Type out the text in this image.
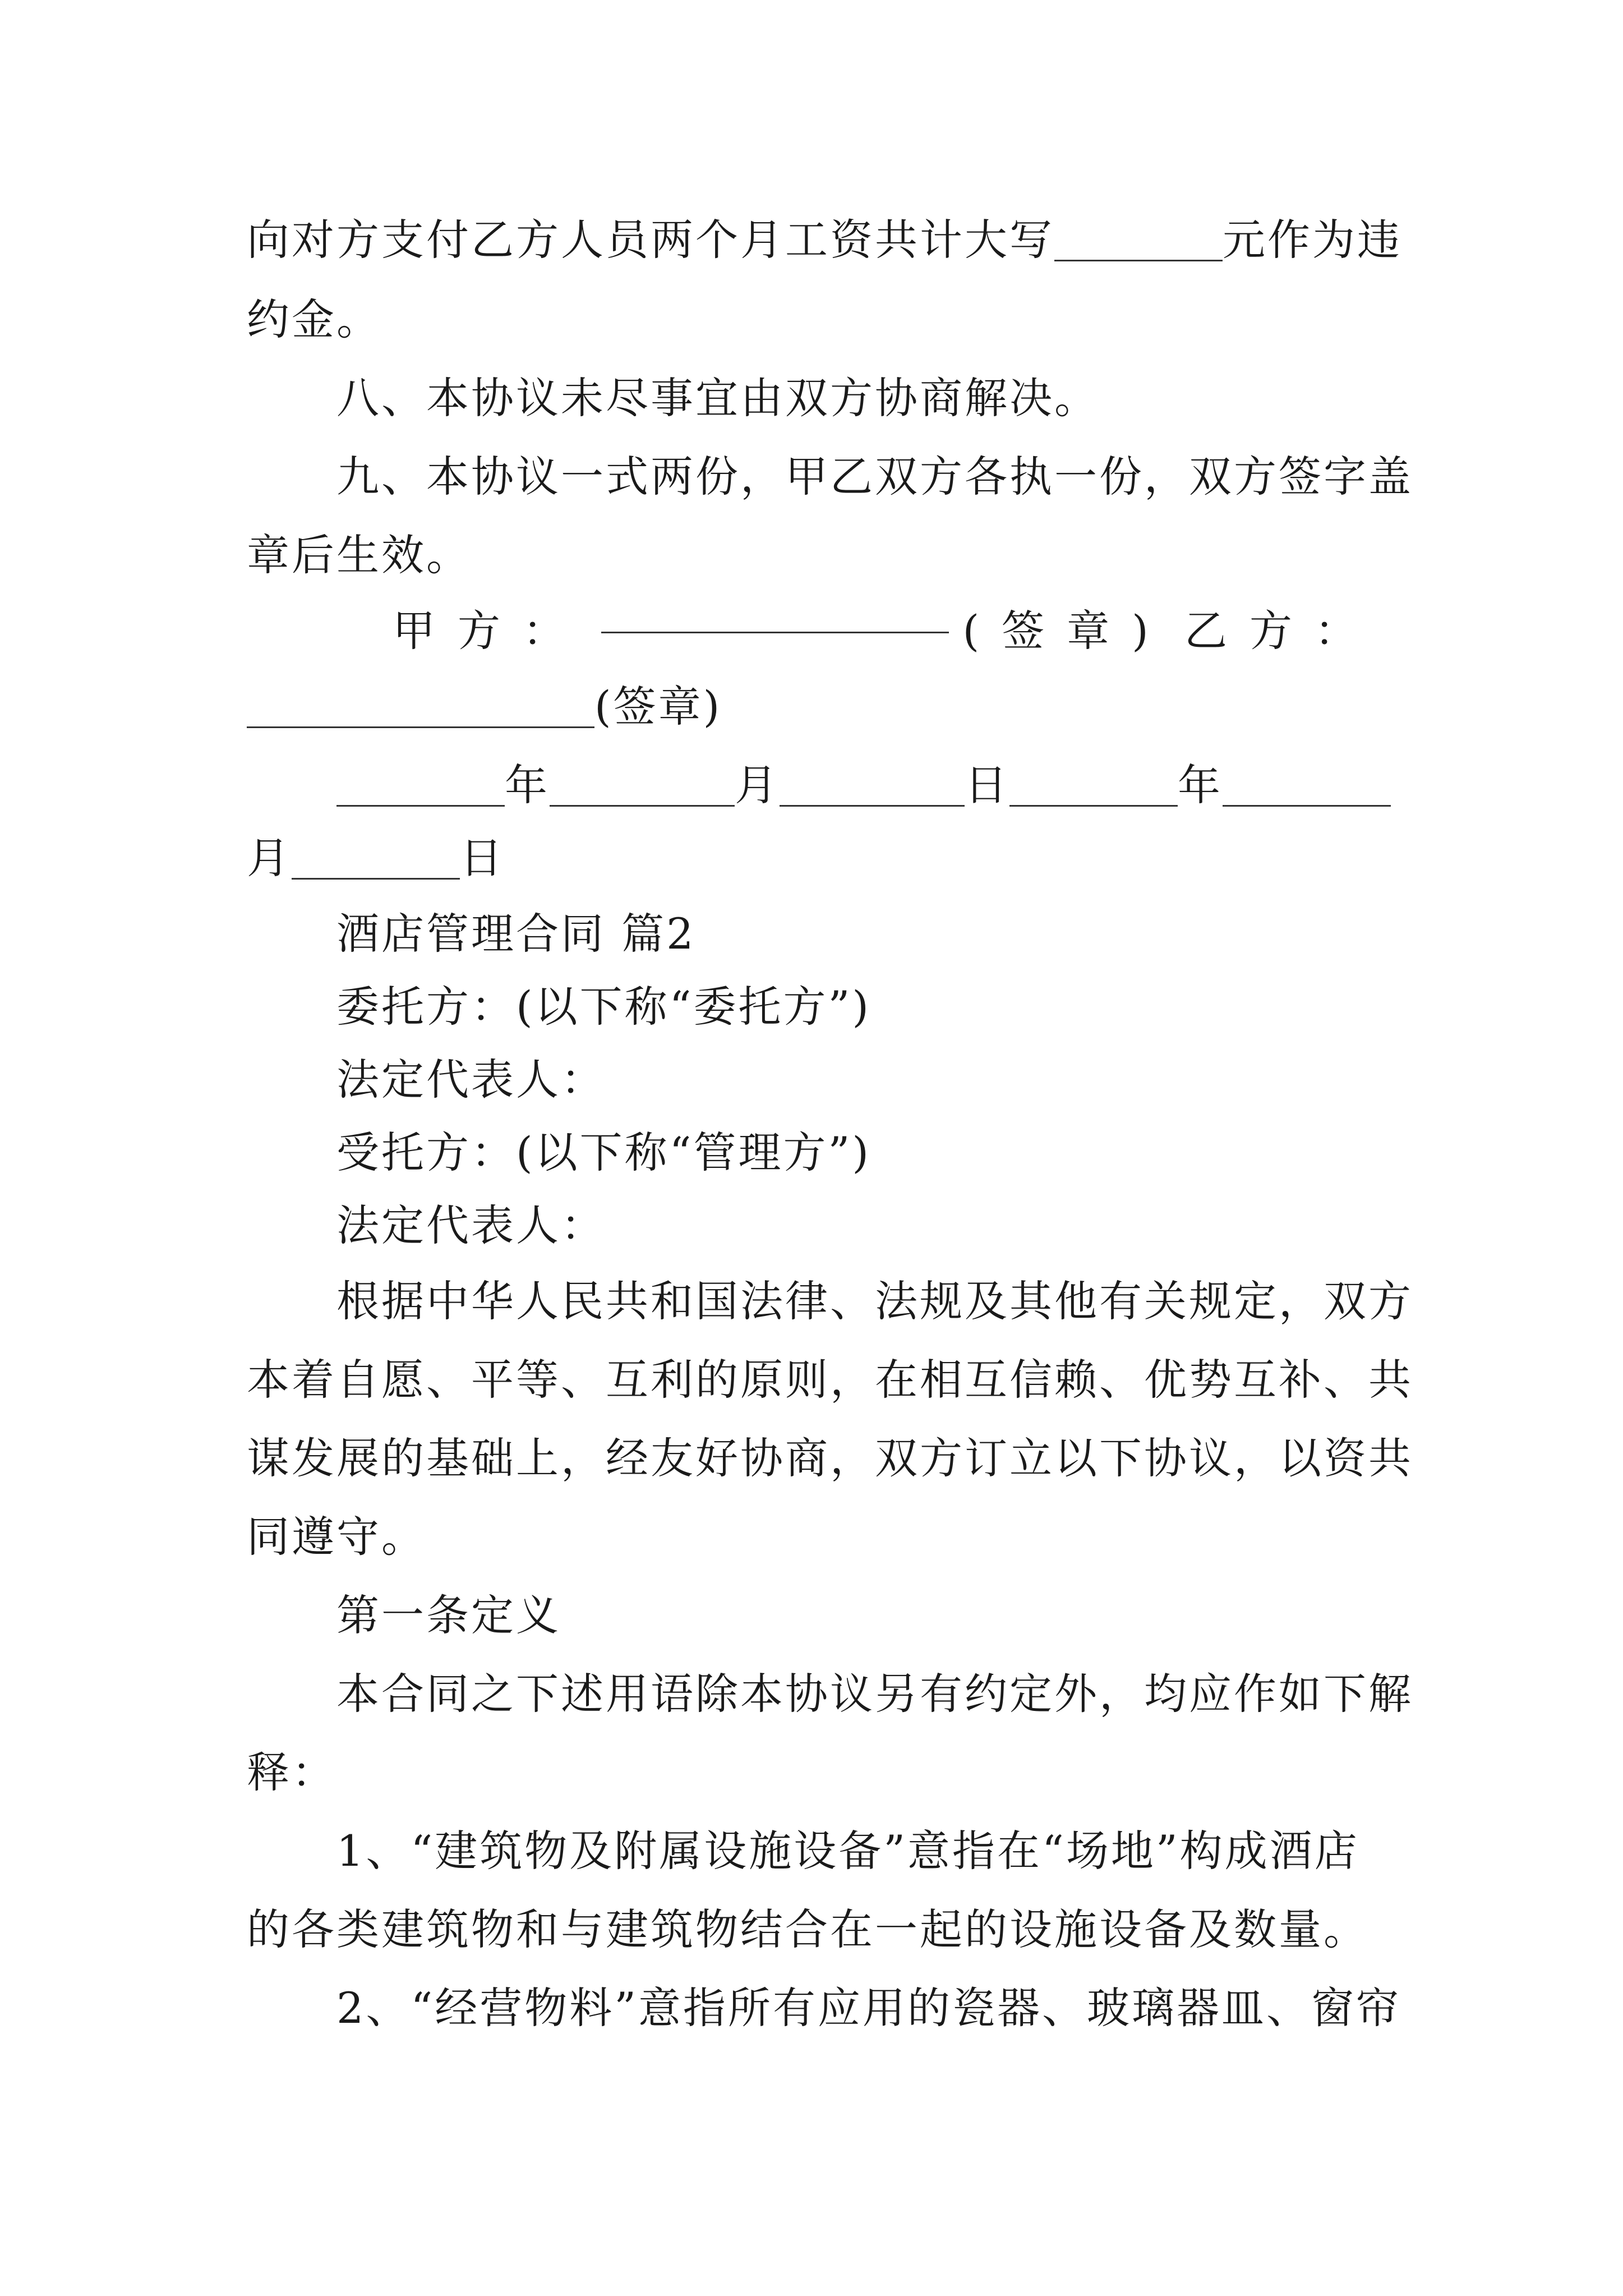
向对方支付乙方人员两个月工资共计大写	元作为违
约金。
八、本协议未尽事宜由双方协商解决。
九、本协议一式两份，甲乙双方各执一份，双方签字盖
章后生效。
甲方：	(签章) 乙方：
(签章)
年	月	日	年
月	日
酒店管理合同 篇2
委托方：(以下称“委托方”)
法定代表人：
受托方：(以下称“管理方”)
法定代表人：
根据中华人民共和国法律、法规及其他有关规定，双方
本着自愿、平等、互利的原则，在相互信赖、优势互补、共
谋发展的基础上，经友好协商，双方订立以下协议，以资共
同遵守。
第一条定义
本合同之下述用语除本协议另有约定外，均应作如下解
释：
1、“建筑物及附属设施设备”意指在“场地”构成酒店
的各类建筑物和与建筑物结合在一起的设施设备及数量。
2、“经营物料”意指所有应用的瓷器、玻璃器皿、窗帘
